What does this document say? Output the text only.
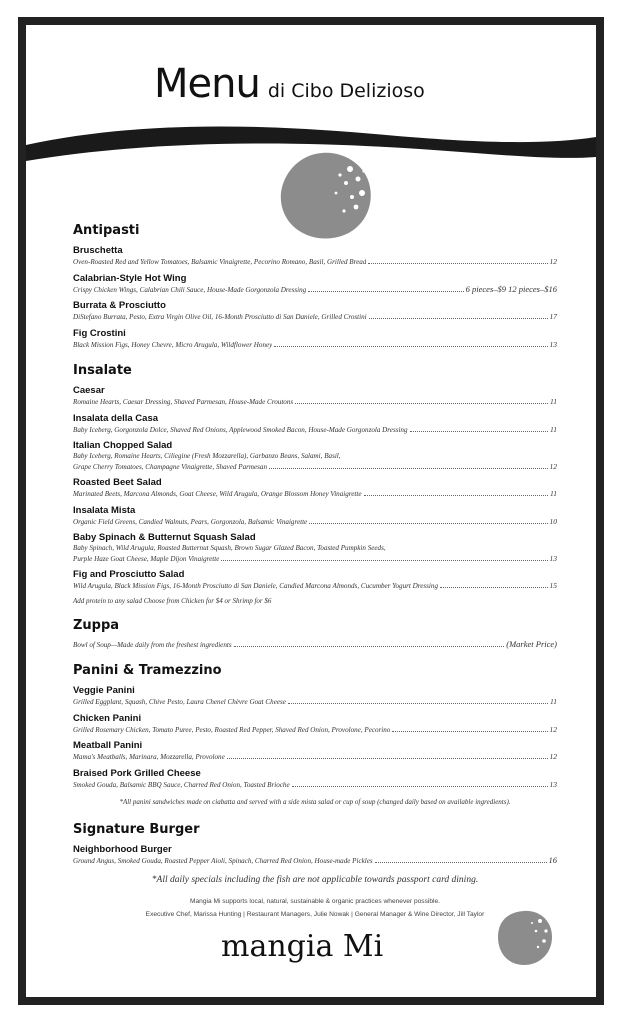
Menu di Cibo Delizioso
Antipasti
Bruschetta
Oven-Roasted Red and Yellow Tomatoes, Balsamic Vinaigrette, Pecorino Romano, Basil, Grilled Bread	12
Calabrian-Style Hot Wing
Crispy Chicken Wings, Calabrian Chili Sauce, House-Made Gorgonzola Dressing	6 pieces–$9 12 pieces–$16
Burrata & Prosciutto
DiStefano Burrata, Pesto, Extra Virgin Olive Oil, 16-Month Prosciutto di San Daniele, Grilled Crostini	17
Fig Crostini
Black Mission Figs, Honey Chevre, Micro Arugula, Wildflower Honey	13
Insalate
Caesar
Romaine Hearts, Caesar Dressing, Shaved Parmesan, House-Made Croutons	11
Insalata della Casa
Baby Iceberg, Gorgonzola Dolce, Shaved Red Onions, Applewood Smoked Bacon, House-Made Gorgonzola Dressing	11
Italian Chopped Salad
Baby Iceberg, Romaine Hearts, Ciliegine (Fresh Mozzarella), Garbanzo Beans, Salami, Basil,
Grape Cherry Tomatoes, Champagne Vinaigrette, Shaved Parmesan	12
Roasted Beet Salad
Marinated Beets, Marcona Almonds, Goat Cheese, Wild Arugula, Orange Blossom Honey Vinaigrette	11
Insalata Mista
Organic Field Greens, Candied Walnuts, Pears, Gorgonzola, Balsamic Vinaigrette	10
Baby Spinach & Butternut Squash Salad
Baby Spinach, Wild Arugula, Roasted Butternut Squash, Brown Sugar Glazed Bacon, Toasted Pumpkin Seeds,
Purple Haze Goat Cheese, Maple Dijon Vinaigrette	13
Fig and Prosciutto Salad
Wild Arugula, Black Mission Figs, 16-Month Prosciutto di San Daniele, Candied Marcona Almonds, Cucumber Yogurt Dressing	15
Add protein to any salad Choose from Chicken for $4 or Shrimp for $6
Zuppa
Bowl of Soup—Made daily from the freshest ingredients	(Market Price)
Panini & Tramezzino
Veggie Panini
Grilled Eggplant, Squash, Chive Pesto, Laura Chenel Chèvre Goat Cheese	11
Chicken Panini
Grilled Rosemary Chicken, Tomato Puree, Pesto, Roasted Red Pepper, Shaved Red Onion, Provolone, Pecorino	12
Meatball Panini
Mama's Meatballs, Marinara, Mozzarella, Provolone	12
Braised Pork Grilled Cheese
Smoked Gouda, Balsamic BBQ Sauce, Charred Red Onion, Toasted Brioche	13
*All panini sandwiches made on ciabatta and served with a side mista salad or cup of soup (changed daily based on available ingredients).
Signature Burger
Neighborhood Burger
Ground Angus, Smoked Gouda, Roasted Pepper Aioli, Spinach, Charred Red Onion, House-made Pickles	16
*All daily specials including the fish are not applicable towards passport card dining.
Mangia Mi supports local, natural, sustainable & organic practices whenever possible.
Executive Chef, Marissa Hunting | Restaurant Managers, Julie Nowak | General Manager & Wine Director, Jill Taylor
mangia Mi
